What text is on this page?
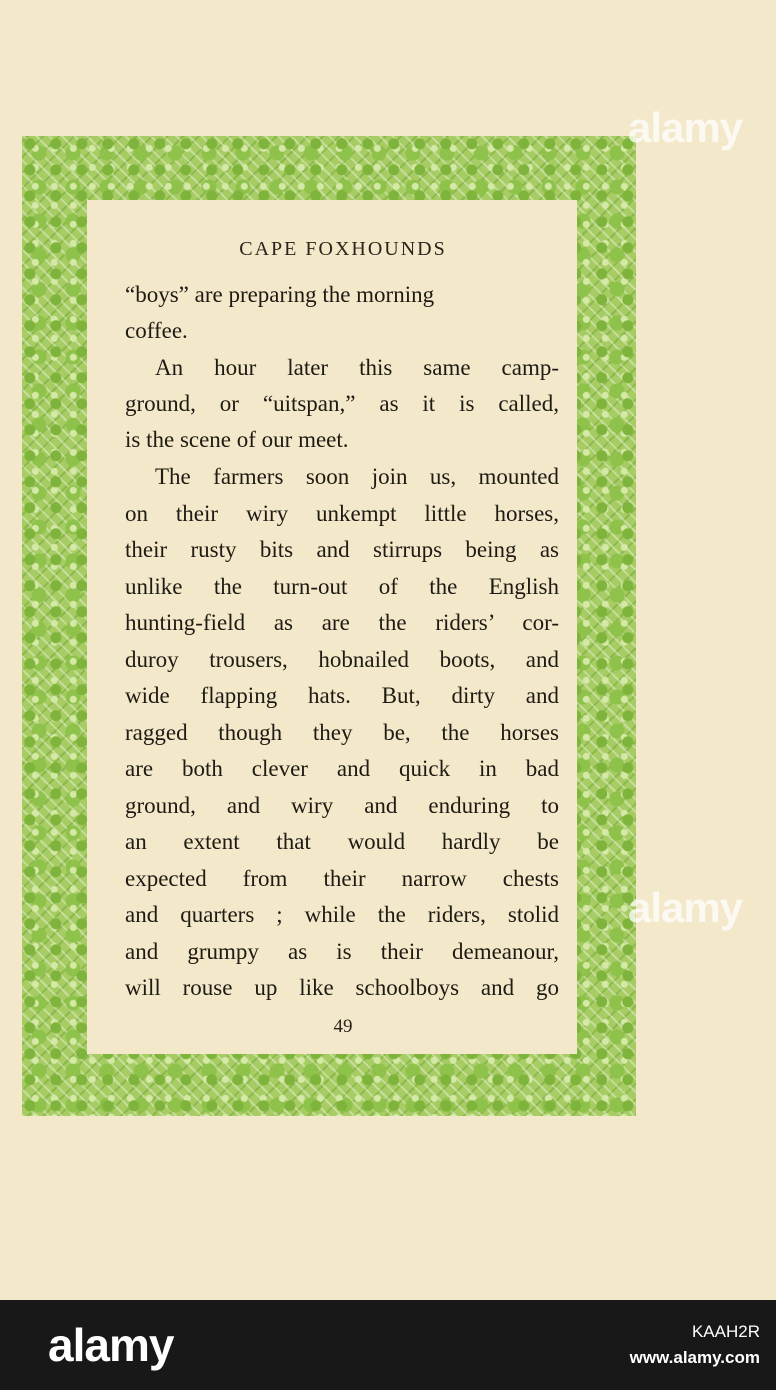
CAPE FOXHOUNDS
“boys” are preparing the morning
coffee.
An hour later this same camp-
ground, or “uitspan,” as it is called,
is the scene of our meet.
The farmers soon join us, mounted
on their wiry unkempt little horses,
their rusty bits and stirrups being as
unlike the turn-out of the English
hunting-field as are the riders’ cor-
duroy trousers, hobnailed boots, and
wide flapping hats. But, dirty and
ragged though they be, the horses
are both clever and quick in bad
ground, and wiry and enduring to
an extent that would hardly be
expected from their narrow chests
and quarters ; while the riders, stolid
and grumpy as is their demeanour,
will rouse up like schoolboys and go
49
alamy
alamy
alamy	KAAH2R
www.alamy.com
